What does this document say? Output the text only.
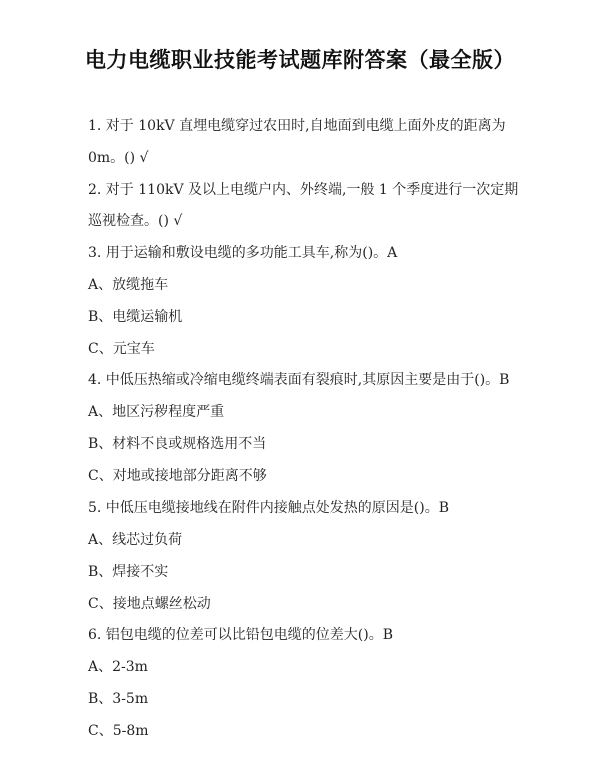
电力电缆职业技能考试题库附答案（最全版）
1. 对于 10kV 直埋电缆穿过农田时,自地面到电缆上面外皮的距离为
0m。() √
2. 对于 110kV 及以上电缆户内、外终端,一般 1 个季度进行一次定期
巡视检查。() √
3. 用于运输和敷设电缆的多功能工具车,称为()。A
A、放缆拖车
B、电缆运输机
C、元宝车
4. 中低压热缩或冷缩电缆终端表面有裂痕时,其原因主要是由于()。B
A、地区污秽程度严重
B、材料不良或规格选用不当
C、对地或接地部分距离不够
5. 中低压电缆接地线在附件内接触点处发热的原因是()。B
A、线芯过负荷
B、焊接不实
C、接地点螺丝松动
6. 铝包电缆的位差可以比铅包电缆的位差大()。B
A、2-3m
B、3-5m
C、5-8m
